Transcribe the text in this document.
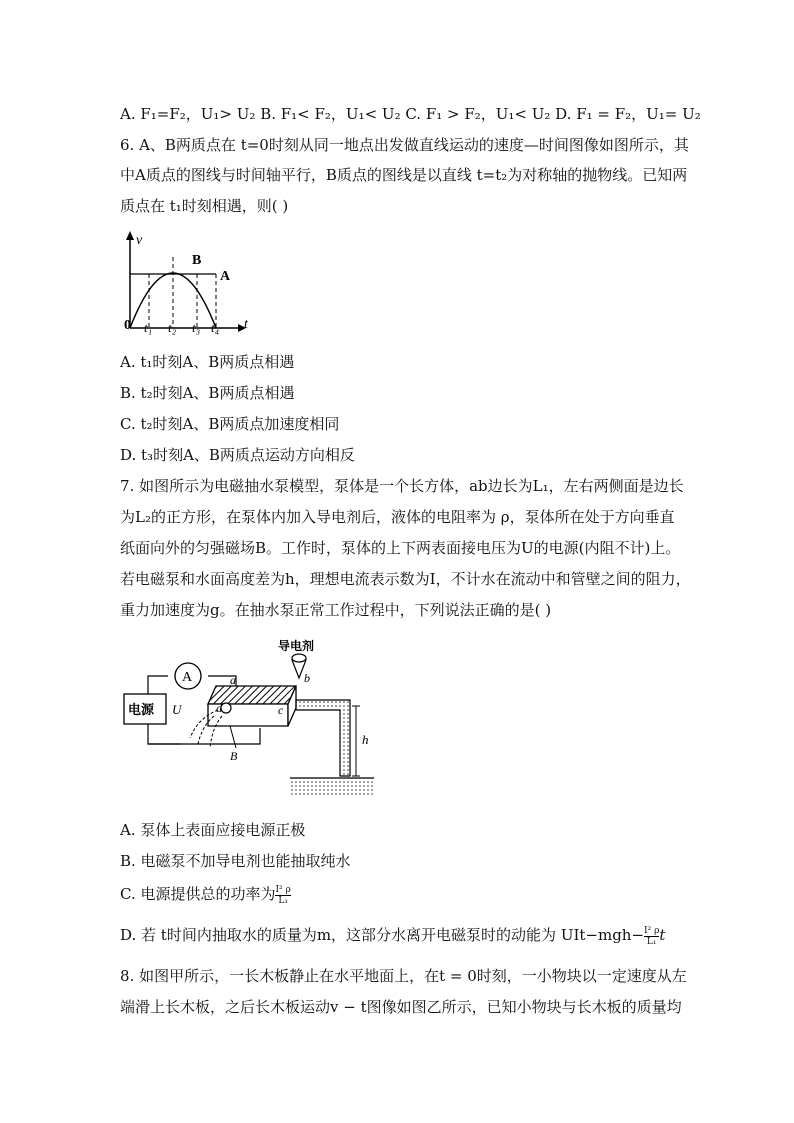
A. F₁=F₂，U₁> U₂ B. F₁< F₂，U₁< U₂ C. F₁ > F₂，U₁< U₂ D. F₁ = F₂，U₁= U₂
6. A、B两质点在 t=0时刻从同一地点出发做直线运动的速度—时间图像如图所示，其
中A质点的图线与时间轴平行，B质点的图线是以直线 t=t₂为对称轴的抛物线。已知两
质点在 t₁时刻相遇，则( )
v
B
A
0 t₁ t₂ t₃ t₄ t
A. t₁时刻A、B两质点相遇
B. t₂时刻A、B两质点相遇
C. t₂时刻A、B两质点加速度相同
D. t₃时刻A、B两质点运动方向相反
7. 如图所示为电磁抽水泵模型，泵体是一个长方体，ab边长为L₁，左右两侧面是边长
为L₂的正方形，在泵体内加入导电剂后，液体的电阻率为 ρ，泵体所在处于方向垂直
纸面向外的匀强磁场B。工作时，泵体的上下两表面接电压为U的电源(内阻不计)上。
若电磁泵和水面高度差为h，理想电流表示数为I，不计水在流动中和管壁之间的阻力，
重力加速度为g。在抽水泵正常工作过程中，下列说法正确的是( )
电源 U
A
导电剂
h
a	b
c
d
B
A. 泵体上表面应接电源正极
B. 电磁泵不加导电剂也能抽取纯水
C. 电源提供总的功率为 $\frac{\text{I² ρ}}{\text{L₁}}$
D. 若 t时间内抽取水的质量为m，这部分水离开电磁泵时的动能为 $UIt-mgh- \frac{\text{I² ρ}}{\text{L₁}}$ t
8. 如图甲所示，一长木板静止在水平地面上，在t = 0时刻，一小物块以一定速度从左
端滑上长木板，之后长木板运动v − t图像如图乙所示，已知小物块与长木板的质量均
